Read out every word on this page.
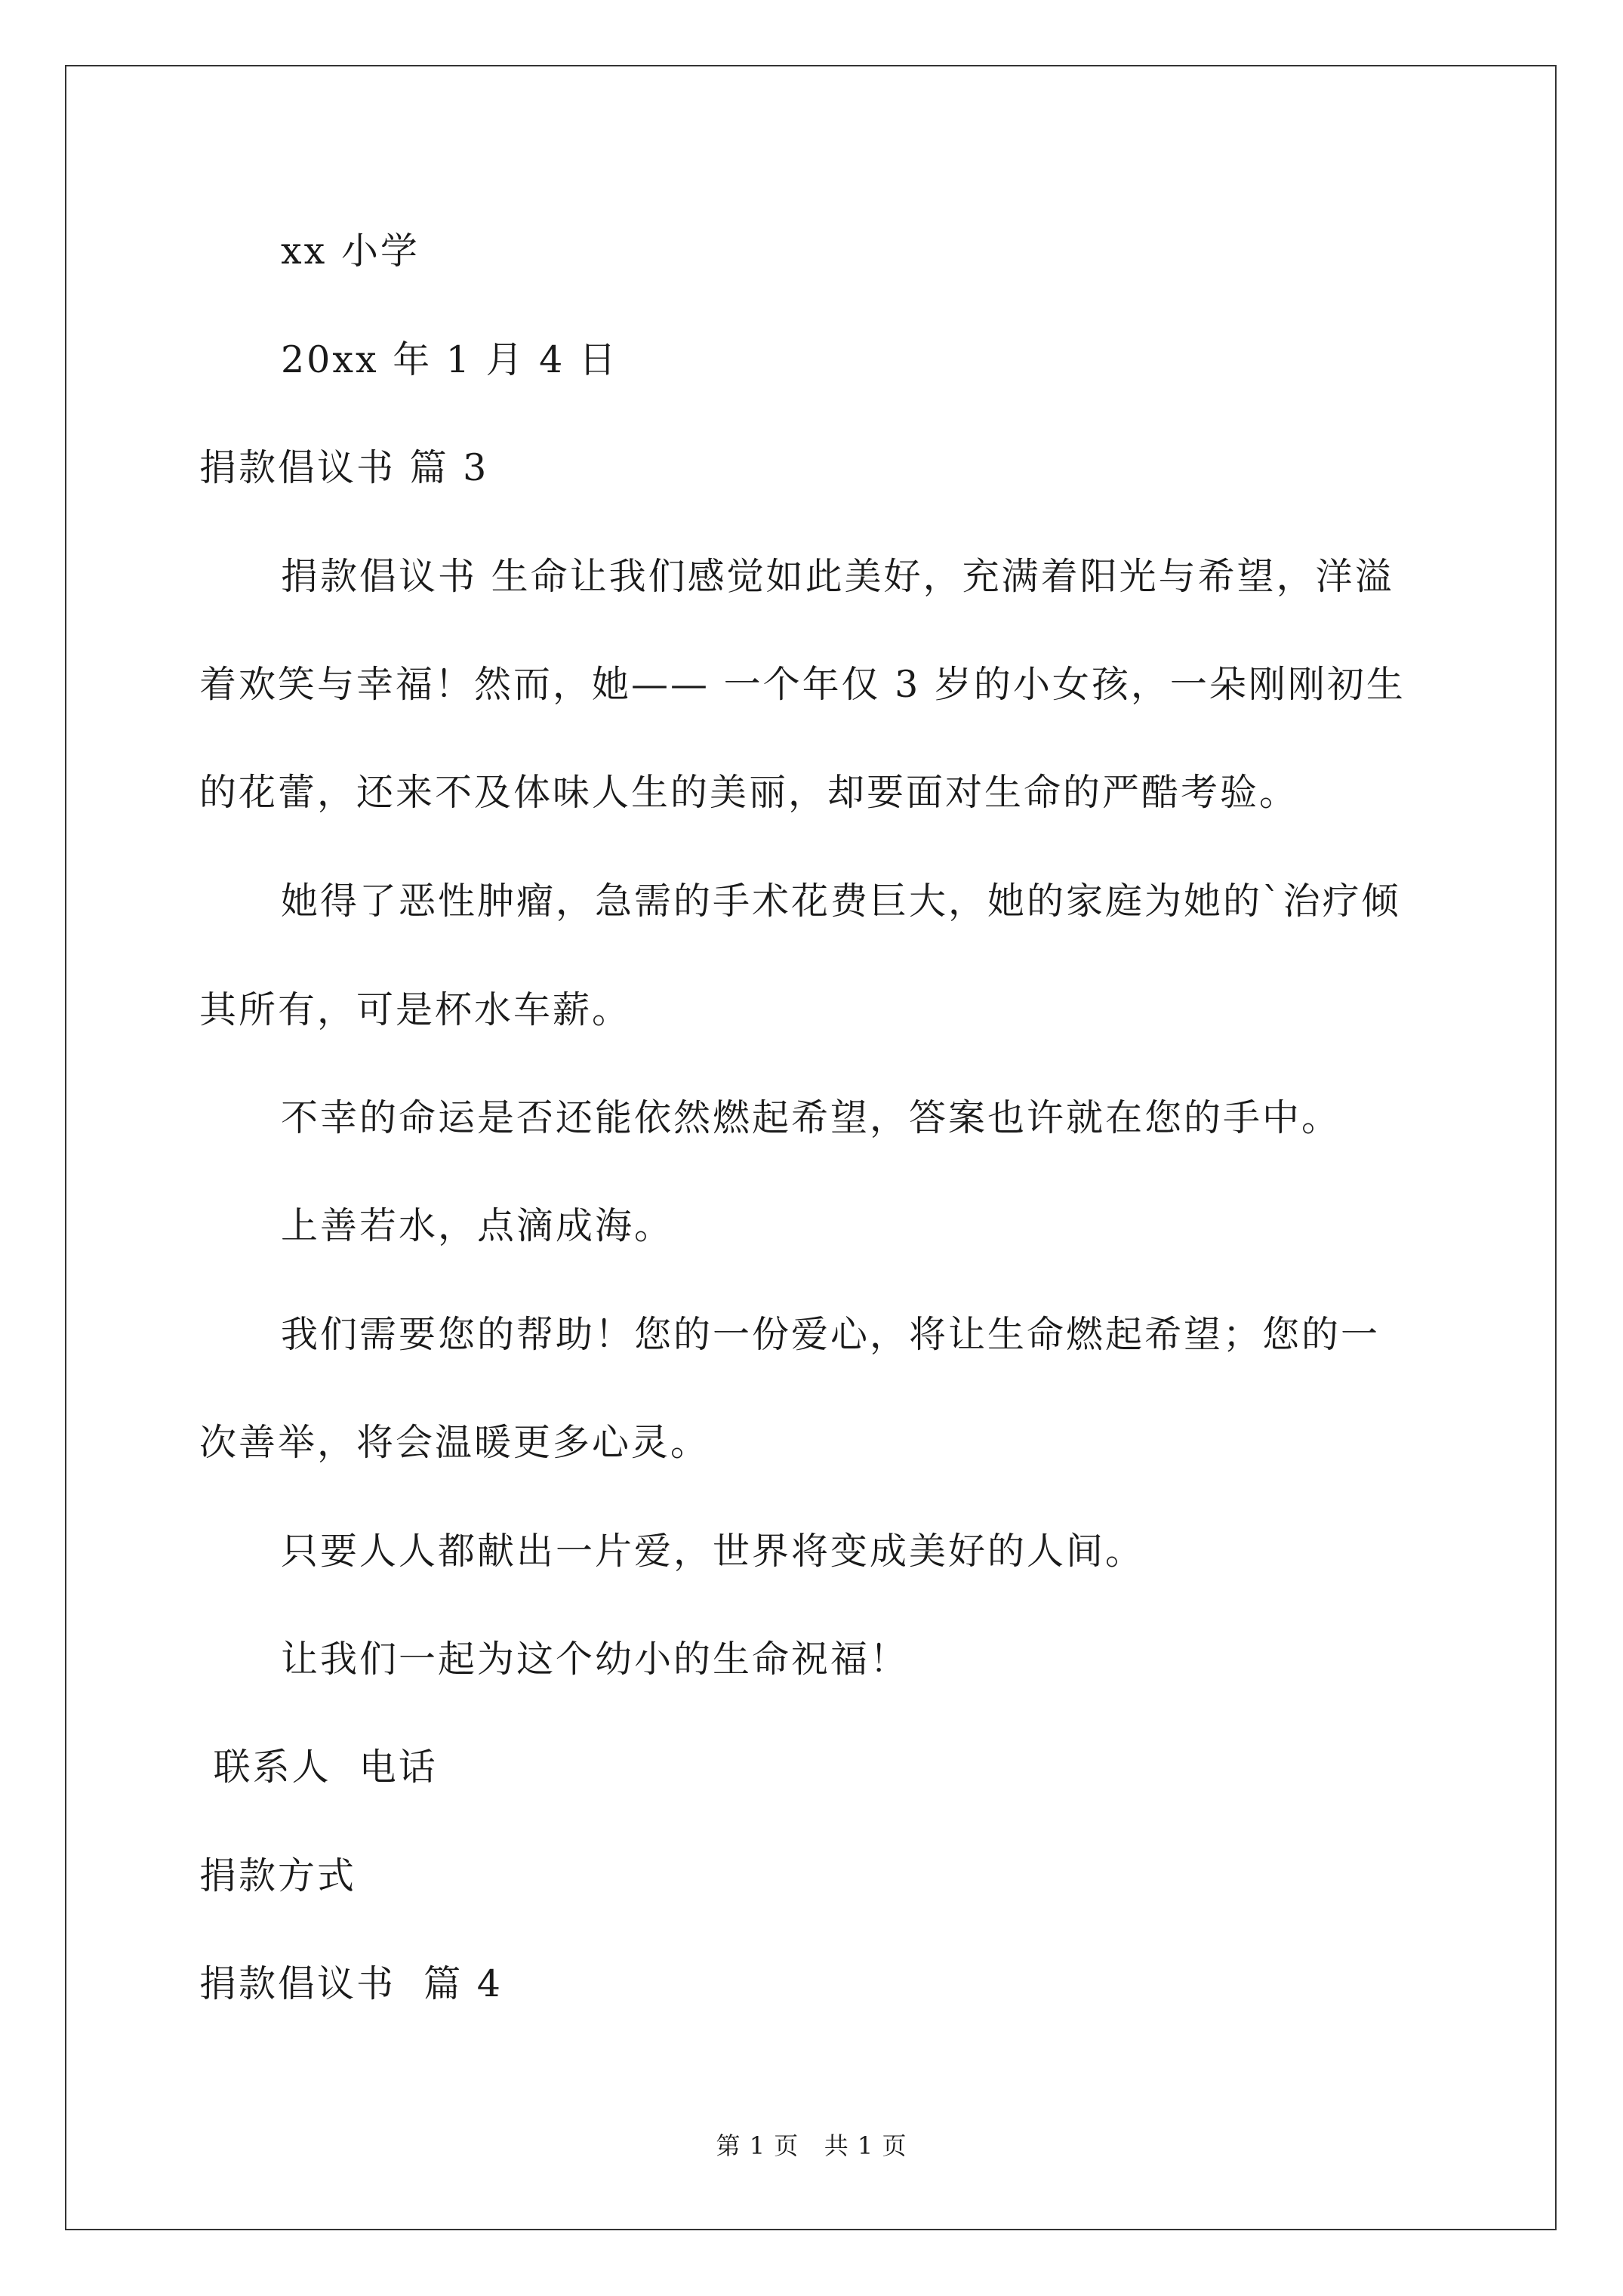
xx 小学
20xx 年 1 月 4 日
捐款倡议书 篇 3
捐款倡议书 生命让我们感觉如此美好，充满着阳光与希望，洋溢
着欢笑与幸福！然而，她—— 一个年仅 3 岁的小女孩，一朵刚刚初生
的花蕾，还来不及体味人生的美丽，却要面对生命的严酷考验。
她得了恶性肿瘤，急需的手术花费巨大，她的家庭为她的`治疗倾
其所有，可是杯水车薪。
不幸的命运是否还能依然燃起希望，答案也许就在您的手中。
上善若水，点滴成海。
我们需要您的帮助！您的一份爱心，将让生命燃起希望；您的一
次善举，将会温暖更多心灵。
只要人人都献出一片爱，世界将变成美好的人间。
让我们一起为这个幼小的生命祝福！
联系人  电话
捐款方式
捐款倡议书  篇 4
第 1 页   共 1 页
